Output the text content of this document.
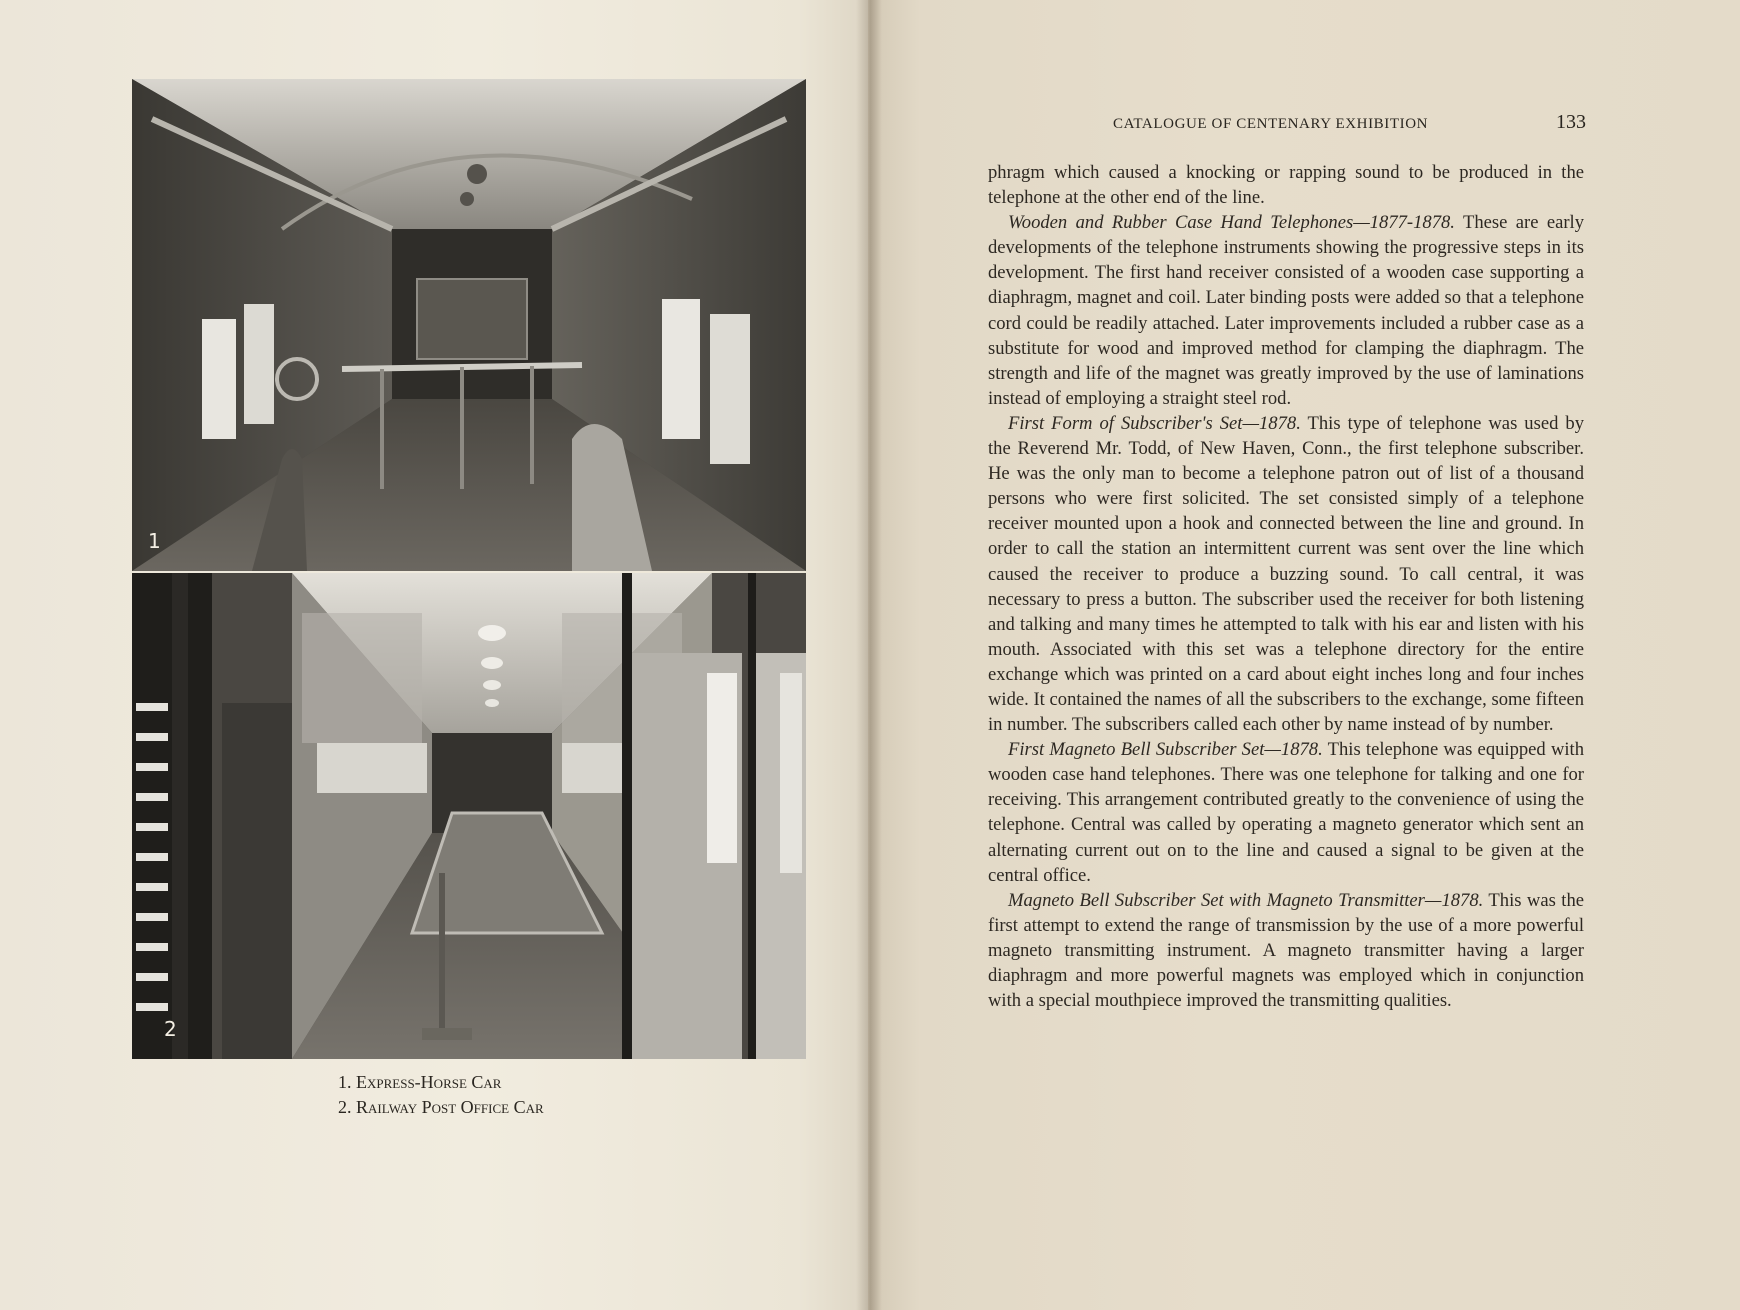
1
2
1. Express-Horse Car
2. Railway Post Office Car
CATALOGUE OF CENTENARY EXHIBITION	133

phragm which caused a knocking or rapping sound to be produced in the telephone at the other end of the line.

Wooden and Rubber Case Hand Telephones—1877-1878. These are early developments of the telephone instruments showing the progressive steps in its development. The first hand receiver consisted of a wooden case supporting a diaphragm, magnet and coil. Later binding posts were added so that a telephone cord could be readily attached. Later improvements included a rubber case as a substitute for wood and improved method for clamping the diaphragm. The strength and life of the magnet was greatly improved by the use of laminations instead of employing a straight steel rod.

First Form of Subscriber's Set—1878. This type of telephone was used by the Reverend Mr. Todd, of New Haven, Conn., the first telephone subscriber. He was the only man to become a telephone patron out of list of a thousand persons who were first solicited. The set consisted simply of a telephone receiver mounted upon a hook and connected between the line and ground. In order to call the station an intermittent current was sent over the line which caused the receiver to produce a buzzing sound. To call central, it was necessary to press a button. The subscriber used the receiver for both listening and talking and many times he attempted to talk with his ear and listen with his mouth. Associated with this set was a telephone directory for the entire exchange which was printed on a card about eight inches long and four inches wide. It contained the names of all the subscribers to the exchange, some fifteen in number. The subscribers called each other by name instead of by number.

First Magneto Bell Subscriber Set—1878. This telephone was equipped with wooden case hand telephones. There was one telephone for talking and one for receiving. This arrangement contributed greatly to the convenience of using the telephone. Central was called by operating a magneto generator which sent an alternating current out on to the line and caused a signal to be given at the central office.

Magneto Bell Subscriber Set with Magneto Transmitter—1878. This was the first attempt to extend the range of transmission by the use of a more powerful magneto transmitting instrument. A magneto transmitter having a larger diaphragm and more powerful magnets was employed which in conjunction with a special mouthpiece improved the transmitting qualities.
